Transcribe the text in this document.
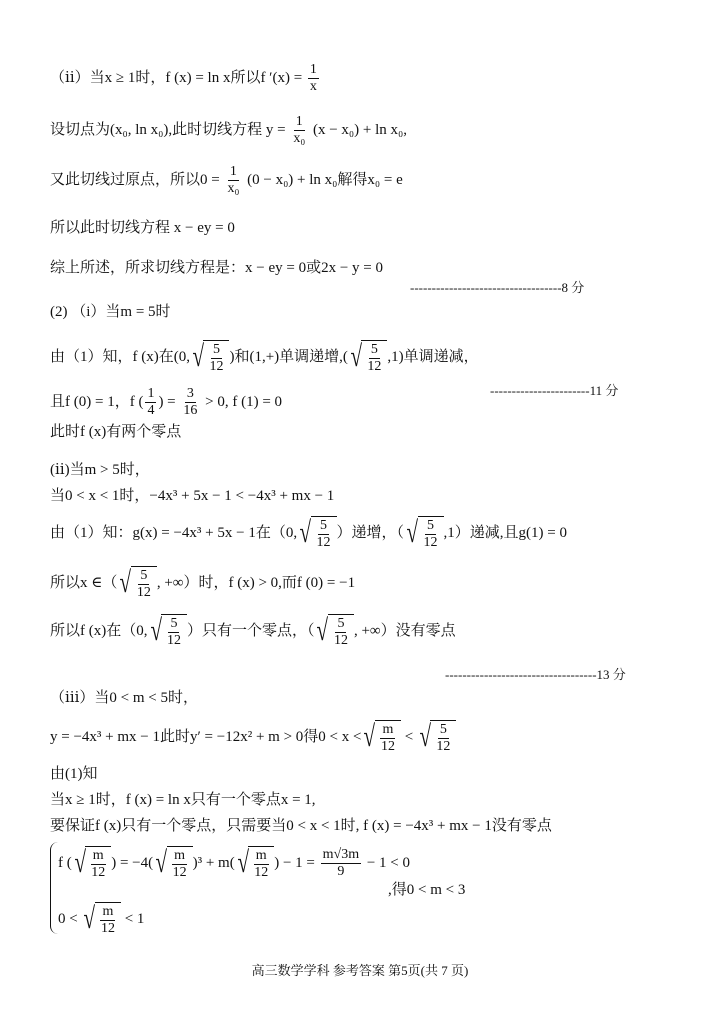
（ⅱ）当x ≥ 1时，f (x) = ln x所以f $'(x) = \frac{1}{x}$
设切点为(x₀, ln x₀),此时切线方程 $y = \frac{1}{\text{x₀}} (x - x_0) + \ln x_0$,
又此切线过原点，所以$0 = \frac{1}{\text{x₀}} (0 - x_0) + \ln x_0$解得x₀ = e
所以此时切线方程 x − ey = 0
综上所述，所求切线方程是：x − ey = 0或2x − y = 0
-----------------------------------8 分
(2) （i）当m = 5时
由（1）知，f (x)在(0, √ $\frac{5}{12}$ )和(1,+)单调递增,( √ $\frac{5}{12} ,1$)单调递减，
且f (0) = 1，f ( $\frac{1}{4}$ ) = $\frac{3}{16} > 0$, f (1) = 0
-----------------------11 分
此时f (x)有两个零点
(ⅱ)当m > 5时，
当0 < x < 1时，−4x³ + 5x − 1 < −4x³ + mx − 1
由（1）知：g(x) = −4x³ + 5x − 1在（0, √ $\frac{5}{12}$ ）递增，（ √ $\frac{5}{12} ,1$）递减,且g(1) = 0
所以x ∈（ √ $\frac{5}{12}$ , +∞）时，f (x) > 0,而f (0) = −1
所以f (x)在（0, √ $\frac{5}{12}$ ）只有一个零点，（ √ $\frac{5}{12}$ , +∞）没有零点
-----------------------------------13 分
（ⅲ）当0 < m < 5时，
y = −4x³ + mx − 1此时y′ = −12x² + m > 0得0 < x < √ $\frac{m}{12}$ < √ $\frac{5}{12}$
由(1)知
当x ≥ 1时，f (x) = ln x只有一个零点x = 1,
要保证f (x)只有一个零点，只需要当0 < x < 1时, f (x) = −4x³ + mx − 1没有零点
f ( √ $\frac{m}{12}$ ) = −4( √ $\frac{m}{12} )^3 + m$( √ $\frac{m}{12}$ ) − $1 = \frac{m√3m}{9} - 1 < 0$
,得0 < m < 3
0 < √ $\frac{m}{12} < 1$
高三数学学科 参考答案 第5页(共 7 页)
